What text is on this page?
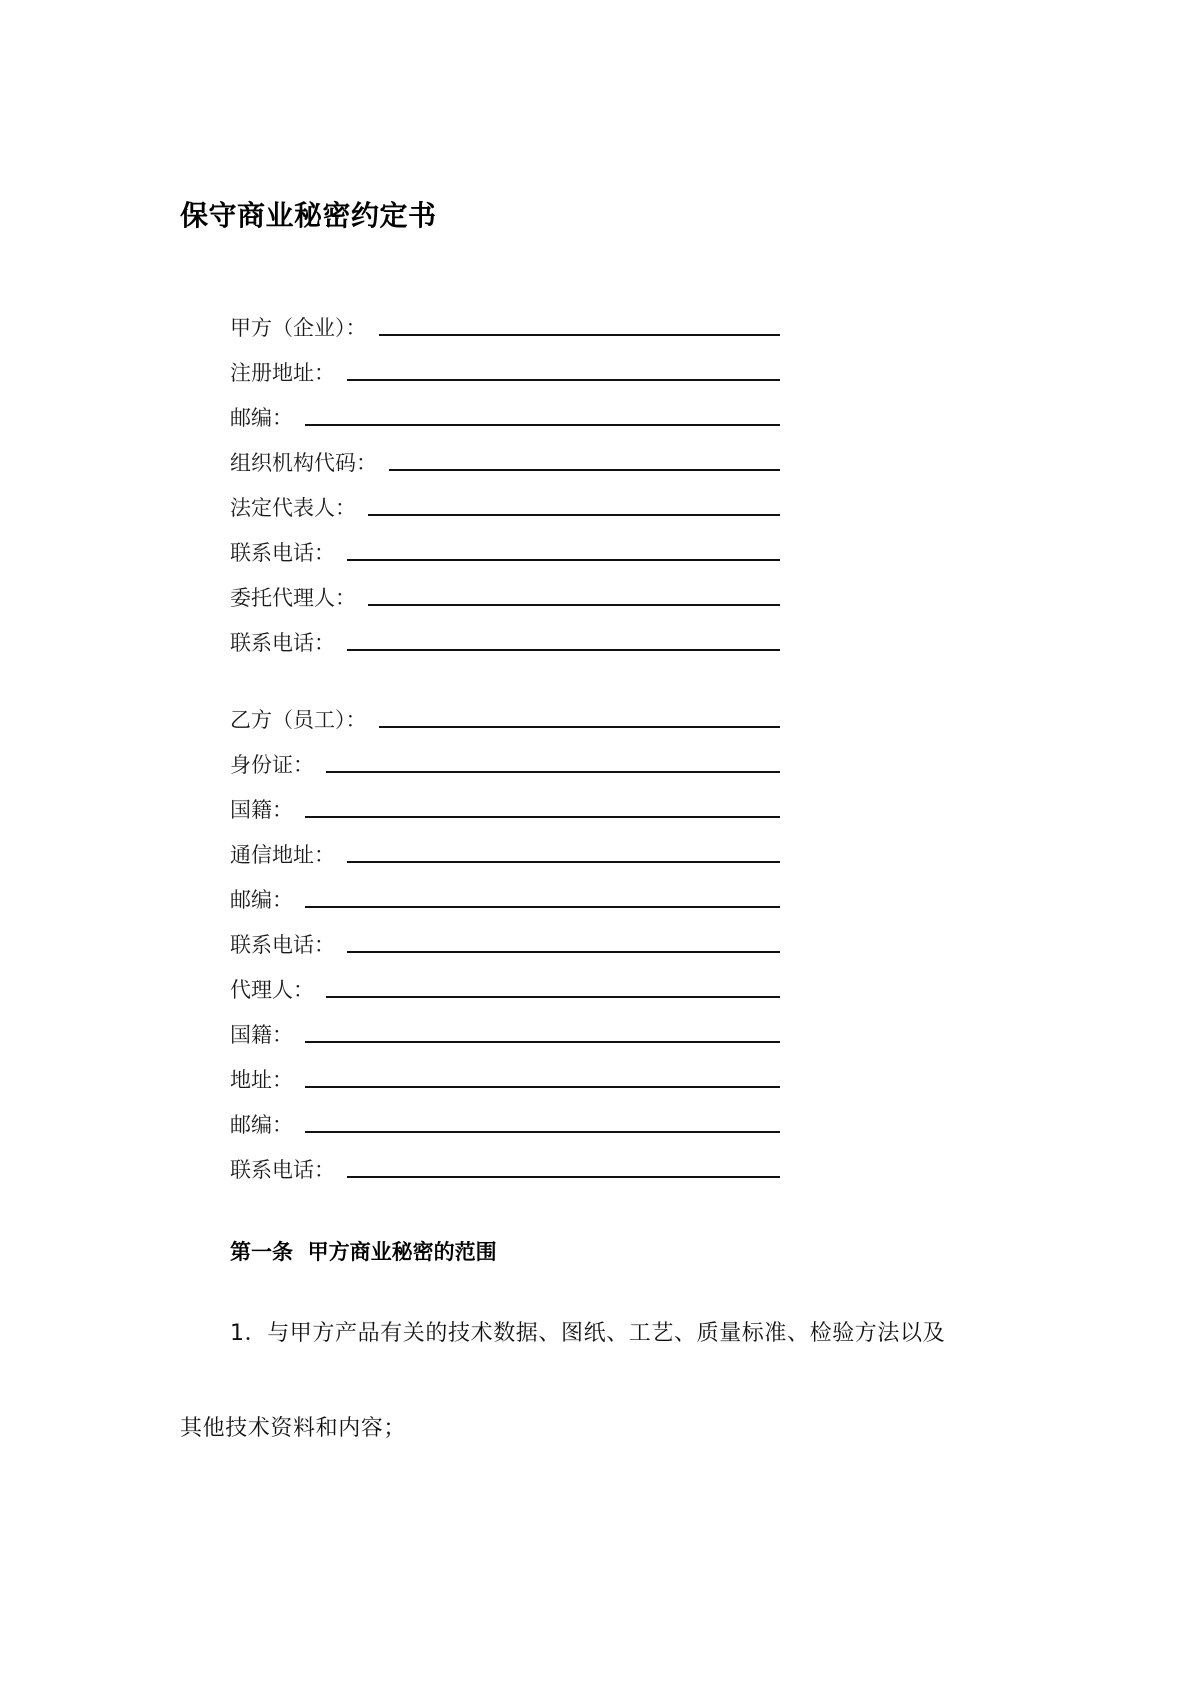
保守商业秘密约定书
甲方（企业）：
注册地址：
邮编：
组织机构代码：
法定代表人：
联系电话：
委托代理人：
联系电话：
乙方（员工）：
身份证：
国籍：
通信地址：
邮编：
联系电话：
代理人：
国籍：
地址：
邮编：
联系电话：
第一条  甲方商业秘密的范围
1．与甲方产品有关的技术数据、图纸、工艺、质量标准、检验方法以及
其他技术资料和内容；
